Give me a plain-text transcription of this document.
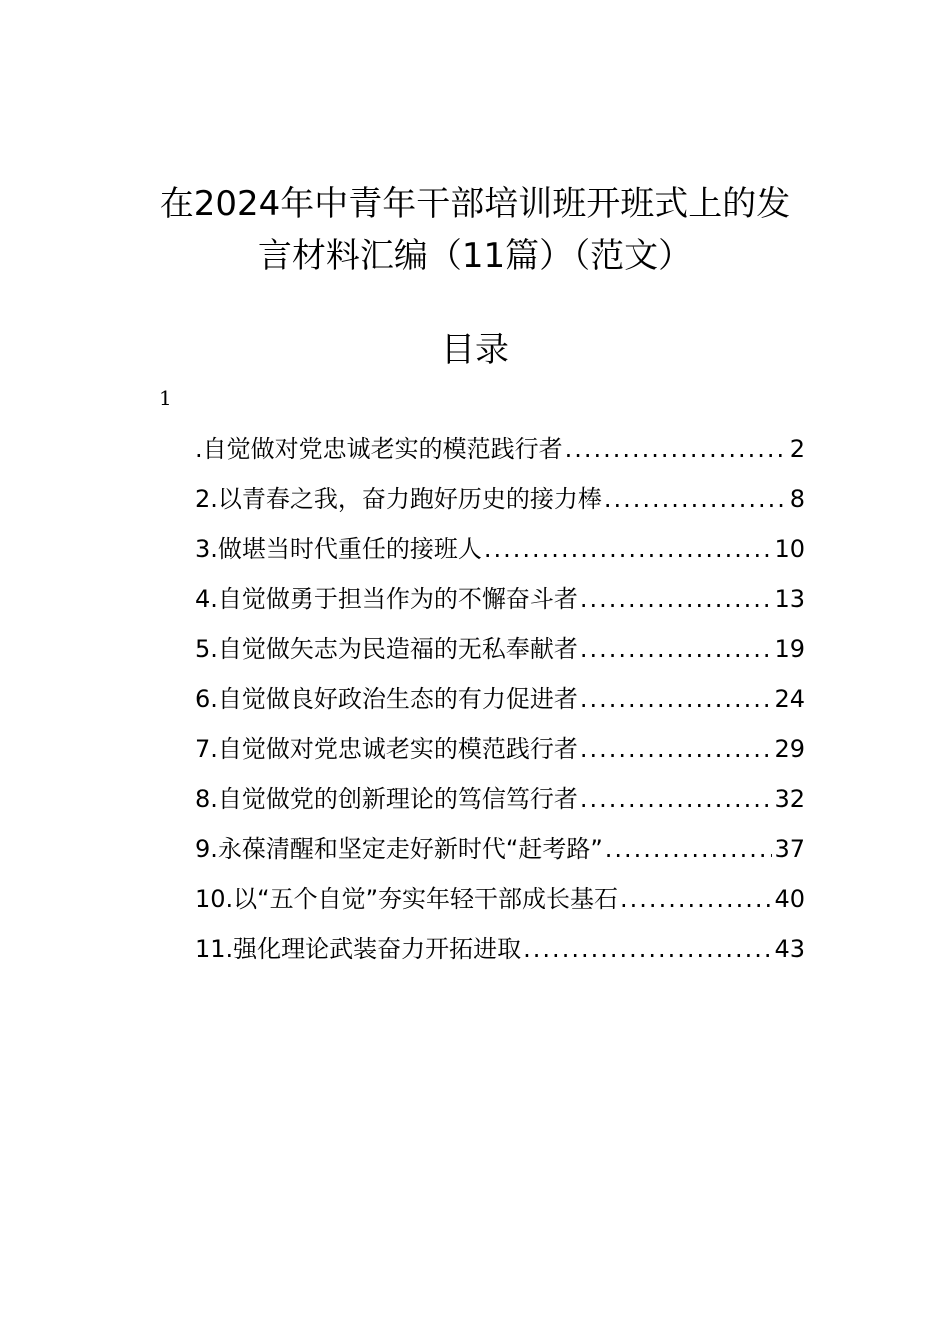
在2024年中青年干部培训班开班式上的发
言材料汇编（11篇）（范文）
目录
1
.自觉做对党忠诚老实的模范践行者 .....	2
2.以青春之我，奋力跑好历史的接力棒 .....	8
3.做堪当时代重任的接班人 .....	10
4.自觉做勇于担当作为的不懈奋斗者 .....	13
5.自觉做矢志为民造福的无私奉献者 .....	19
6.自觉做良好政治生态的有力促进者 .....	24
7.自觉做对党忠诚老实的模范践行者 .....	29
8.自觉做党的创新理论的笃信笃行者 .....	32
9.永葆清醒和坚定走好新时代“赶考路” .....	37
10.以“五个自觉”夯实年轻干部成长基石 .....	40
11.强化理论武装奋力开拓进取 .....	43
